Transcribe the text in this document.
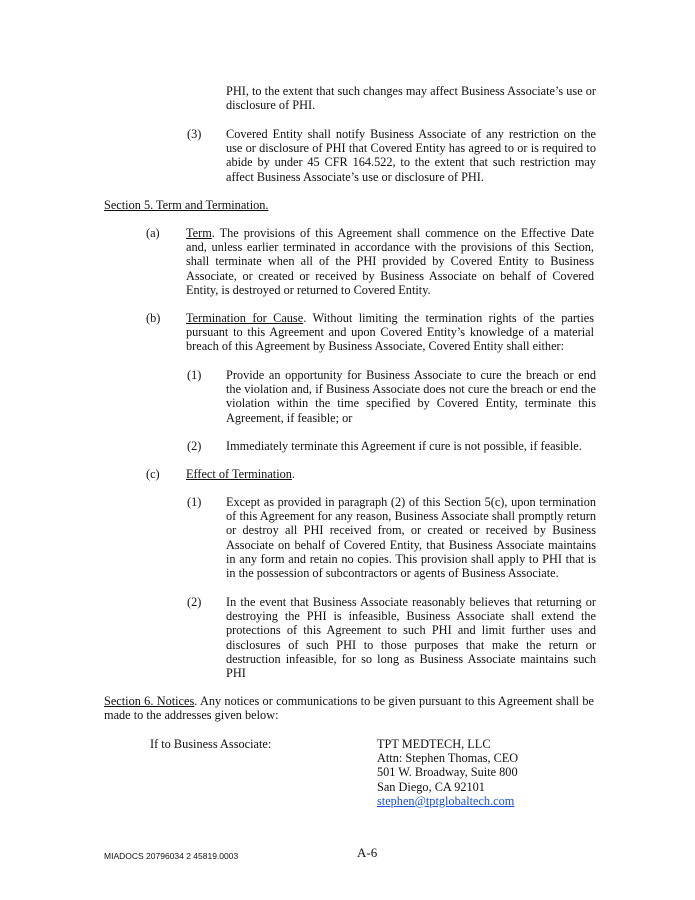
PHI, to the extent that such changes may affect Business Associate’s use or disclosure of PHI.
(3) Covered Entity shall notify Business Associate of any restriction on the use or disclosure of PHI that Covered Entity has agreed to or is required to abide by under 45 CFR 164.522, to the extent that such restriction may affect Business Associate’s use or disclosure of PHI.
Section 5. Term and Termination.
(a) Term. The provisions of this Agreement shall commence on the Effective Date and, unless earlier terminated in accordance with the provisions of this Section, shall terminate when all of the PHI provided by Covered Entity to Business Associate, or created or received by Business Associate on behalf of Covered Entity, is destroyed or returned to Covered Entity.
(b) Termination for Cause. Without limiting the termination rights of the parties pursuant to this Agreement and upon Covered Entity’s knowledge of a material breach of this Agreement by Business Associate, Covered Entity shall either:
(1) Provide an opportunity for Business Associate to cure the breach or end the violation and, if Business Associate does not cure the breach or end the violation within the time specified by Covered Entity, terminate this Agreement, if feasible; or
(2) Immediately terminate this Agreement if cure is not possible, if feasible.
(c) Effect of Termination.
(1) Except as provided in paragraph (2) of this Section 5(c), upon termination of this Agreement for any reason, Business Associate shall promptly return or destroy all PHI received from, or created or received by Business Associate on behalf of Covered Entity, that Business Associate maintains in any form and retain no copies. This provision shall apply to PHI that is in the possession of subcontractors or agents of Business Associate.
(2) In the event that Business Associate reasonably believes that returning or destroying the PHI is infeasible, Business Associate shall extend the protections of this Agreement to such PHI and limit further uses and disclosures of such PHI to those purposes that make the return or destruction infeasible, for so long as Business Associate maintains such PHI
Section 6. Notices. Any notices or communications to be given pursuant to this Agreement shall be made to the addresses given below:
If to Business Associate:	TPT MEDTECH, LLC
Attn: Stephen Thomas, CEO
501 W. Broadway, Suite 800
San Diego, CA 92101
stephen@tptglobaltech.com
MIADOCS 20796034 2 45819.0003	A-6
